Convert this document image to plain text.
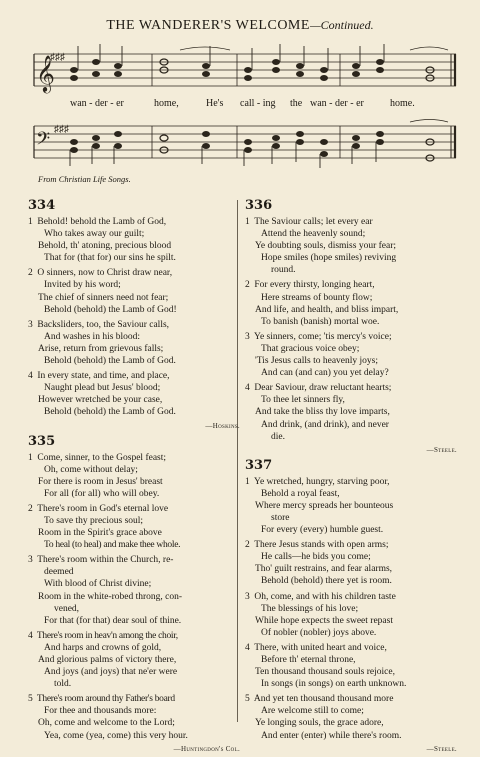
THE WANDERER'S WELCOME—Continued.
𝄞
♯♯♯
wan - der - er	home,	He's call - ing the wan - der - er	home.
𝄢 ♯♯♯
From Christian Life Songs.
334
1 Behold! behold the Lamb of God,
Who takes away our guilt;
Behold, th' atoning, precious blood
That for (that for) our sins he spilt.
2 O sinners, now to Christ draw near,
Invited by his word;
The chief of sinners need not fear;
Behold (behold) the Lamb of God!
3 Backsliders, too, the Saviour calls,
And washes in his blood:
Arise, return from grievous falls;
Behold (behold) the Lamb of God.
4 In every state, and time, and place,
Naught plead but Jesus' blood;
However wretched be your case,
Behold (behold) the Lamb of God.
—Hoskins.
335
1 Come, sinner, to the Gospel feast;
Oh, come without delay;
For there is room in Jesus' breast
For all (for all) who will obey.
2 There's room in God's eternal love
To save thy precious soul;
Room in the Spirit's grace above
To heal (to heal) and make thee whole.
3 There's room within the Church, re-
deemed
With blood of Christ divine;
Room in the white-robed throng, con-
vened,
For that (for that) dear soul of thine.
4 There's room in heav'n among the choir,
And harps and crowns of gold,
And glorious palms of victory there,
And joys (and joys) that ne'er were
told.
5 There's room around thy Father's board
For thee and thousands more:
Oh, come and welcome to the Lord;
Yea, come (yea, come) this very hour.
—Huntingdon's Col.
336
1 The Saviour calls; let every ear
Attend the heavenly sound;
Ye doubting souls, dismiss your fear;
Hope smiles (hope smiles) reviving
round.
2 For every thirsty, longing heart,
Here streams of bounty flow;
And life, and health, and bliss impart,
To banish (banish) mortal woe.
3 Ye sinners, come; 'tis mercy's voice;
That gracious voice obey;
'Tis Jesus calls to heavenly joys;
And can (and can) you yet delay?
4 Dear Saviour, draw reluctant hearts;
To thee let sinners fly,
And take the bliss thy love imparts,
And drink, (and drink), and never
die.
—Steele.
337
1 Ye wretched, hungry, starving poor,
Behold a royal feast,
Where mercy spreads her bounteous
store
For every (every) humble guest.
2 There Jesus stands with open arms;
He calls—he bids you come;
Tho' guilt restrains, and fear alarms,
Behold (behold) there yet is room.
3 Oh, come, and with his children taste
The blessings of his love;
While hope expects the sweet repast
Of nobler (nobler) joys above.
4 There, with united heart and voice,
Before th' eternal throne,
Ten thousand thousand souls rejoice,
In songs (in songs) on earth unknown.
5 And yet ten thousand thousand more
Are welcome still to come;
Ye longing souls, the grace adore,
And enter (enter) while there's room.
—Steele.
